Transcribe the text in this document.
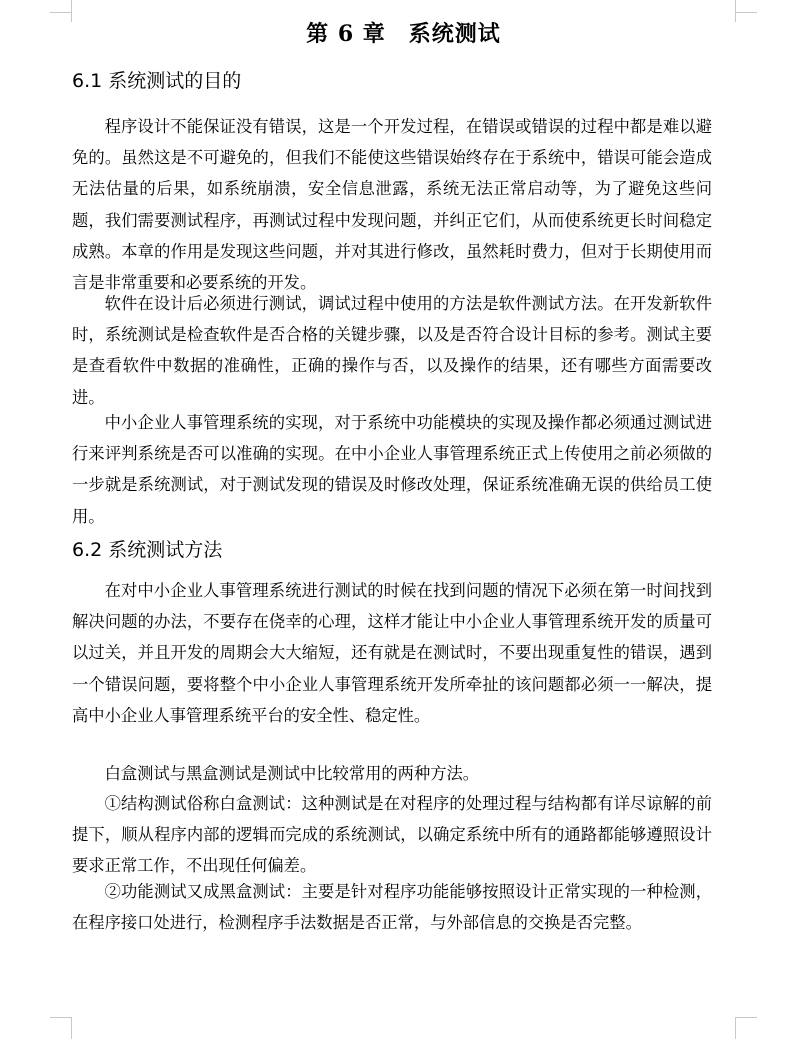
第 6 章　系统测试
6.1 系统测试的目的

程序设计不能保证没有错误，这是一个开发过程，在错误或错误的过程中都是难以避免的。虽然这是不可避免的，但我们不能使这些错误始终存在于系统中，错误可能会造成无法估量的后果，如系统崩溃，安全信息泄露，系统无法正常启动等，为了避免这些问题，我们需要测试程序，再测试过程中发现问题，并纠正它们，从而使系统更长时间稳定成熟。本章的作用是发现这些问题，并对其进行修改，虽然耗时费力，但对于长期使用而言是非常重要和必要系统的开发。

软件在设计后必须进行测试，调试过程中使用的方法是软件测试方法。在开发新软件时，系统测试是检查软件是否合格的关键步骤，以及是否符合设计目标的参考。测试主要是查看软件中数据的准确性，正确的操作与否，以及操作的结果，还有哪些方面需要改进。

中小企业人事管理系统的实现，对于系统中功能模块的实现及操作都必须通过测试进行来评判系统是否可以准确的实现。在中小企业人事管理系统正式上传使用之前必须做的一步就是系统测试，对于测试发现的错误及时修改处理，保证系统准确无误的供给员工使用。

6.2 系统测试方法

在对中小企业人事管理系统进行测试的时候在找到问题的情况下必须在第一时间找到解决问题的办法，不要存在侥幸的心理，这样才能让中小企业人事管理系统开发的质量可以过关，并且开发的周期会大大缩短，还有就是在测试时，不要出现重复性的错误，遇到一个错误问题，要将整个中小企业人事管理系统开发所牵扯的该问题都必须一一解决，提高中小企业人事管理系统平台的安全性、稳定性。

白盒测试与黑盒测试是测试中比较常用的两种方法。

①结构测试俗称白盒测试：这种测试是在对程序的处理过程与结构都有详尽谅解的前提下，顺从程序内部的逻辑而完成的系统测试，以确定系统中所有的通路都能够遵照设计要求正常工作，不出现任何偏差。

②功能测试又成黑盒测试：主要是针对程序功能能够按照设计正常实现的一种检测，在程序接口处进行，检测程序手法数据是否正常，与外部信息的交换是否完整。
